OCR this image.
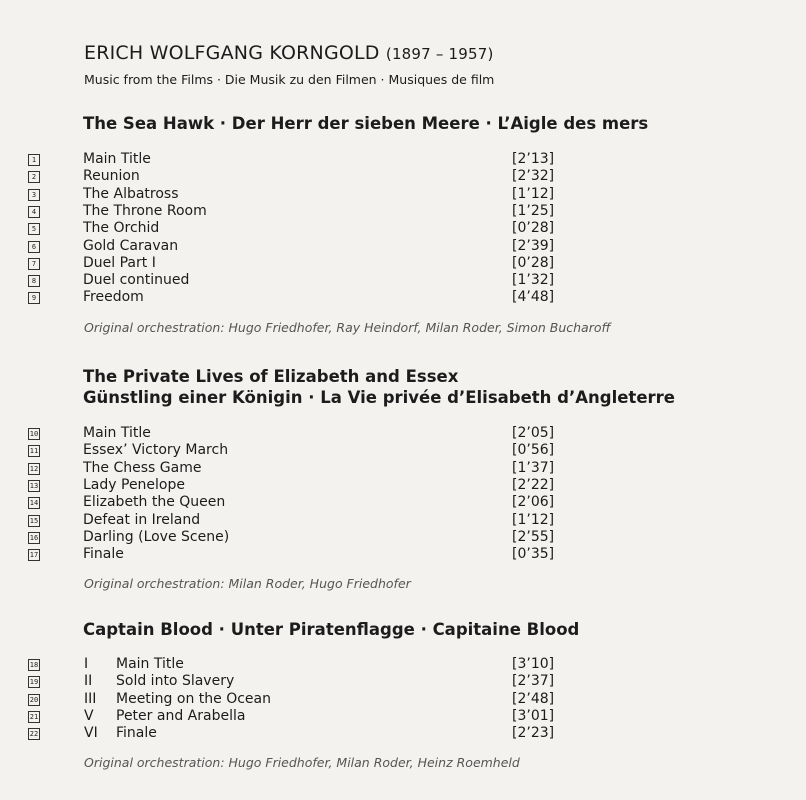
ERICH WOLFGANG KORNGOLD (1897 – 1957)
Music from the Films · Die Musik zu den Filmen · Musiques de film
The Sea Hawk · Der Herr der sieben Meere · L’Aigle des mers
1	Main Title	[2’13]
2	Reunion	[2’32]
3	The Albatross	[1’12]
4	The Throne Room	[1’25]
5	The Orchid	[0’28]
6	Gold Caravan	[2’39]
7	Duel Part I	[0’28]
8	Duel continued	[1’32]
9	Freedom	[4’48]
Original orchestration: Hugo Friedhofer, Ray Heindorf, Milan Roder, Simon Bucharoff
The Private Lives of Elizabeth and Essex
Günstling einer Königin · La Vie privée d’Elisabeth d’Angleterre
10	Main Title	[2’05]
11	Essex’ Victory March	[0’56]
12	The Chess Game	[1’37]
13	Lady Penelope	[2’22]
14	Elizabeth the Queen	[2’06]
15	Defeat in Ireland	[1’12]
16	Darling (Love Scene)	[2’55]
17	Finale	[0’35]
Original orchestration: Milan Roder, Hugo Friedhofer
Captain Blood · Unter Piratenflagge · Capitaine Blood
18	I Main Title	[3’10]
19	II Sold into Slavery	[2’37]
20	III Meeting on the Ocean	[2’48]
21	V Peter and Arabella	[3’01]
22	VI Finale	[2’23]
Original orchestration: Hugo Friedhofer, Milan Roder, Heinz Roemheld
